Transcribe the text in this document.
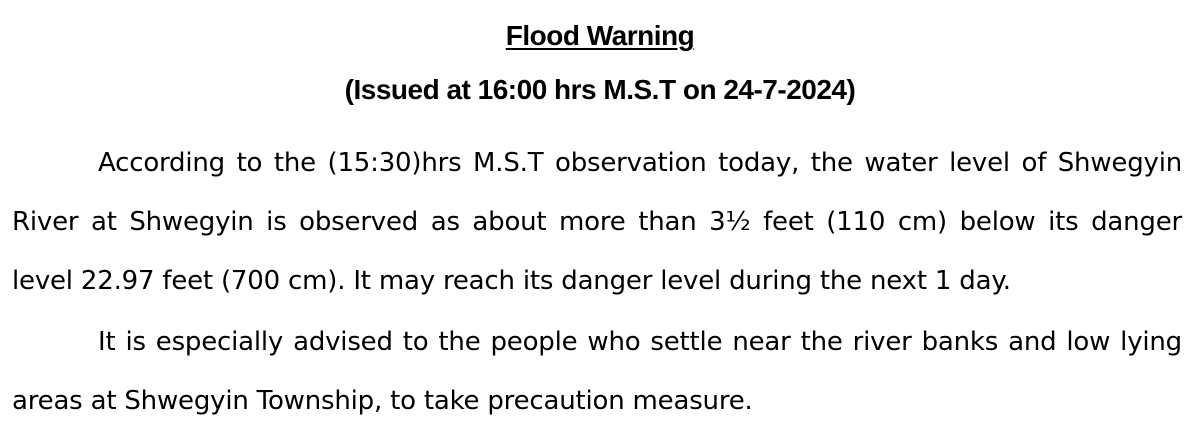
Flood Warning
(Issued at 16:00 hrs M.S.T on 24-7-2024)

According to the (15:30)hrs M.S.T observation today, the water level of Shwegyin River at Shwegyin is observed as about more than 3½ feet (110 cm) below its danger level 22.97 feet (700 cm). It may reach its danger level during the next 1 day.

It is especially advised to the people who settle near the river banks and low lying areas at Shwegyin Township, to take precaution measure.
